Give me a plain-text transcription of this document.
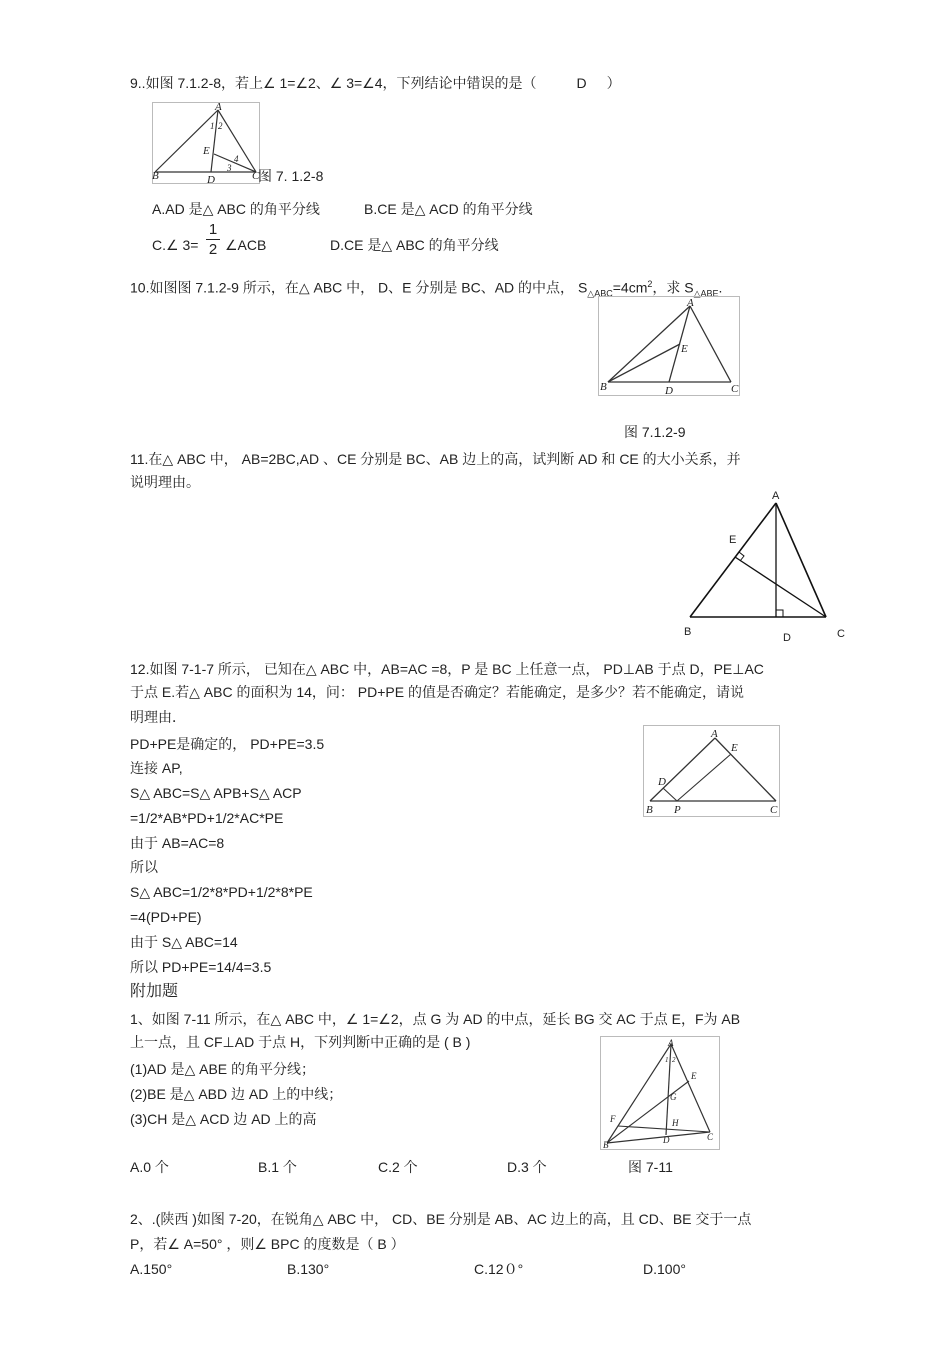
9..如图 7.1.2-8，若上∠ 1=∠2、∠ 3=∠4，下列结论中错误的是（	D ）
A
B	C
D
E
1 2
3
4
图 7. 1.2-8
A.AD 是△ ABC 的角平分线	B.CE 是△ ACD 的角平分线
C.∠ 3=
1
2 ∠ACB	D.CE 是△ ABC 的角平分线
10.如图图 7.1.2-9 所示，在△ ABC 中， D、E 分别是 BC、AD 的中点， $S_{\triangle ABC}=4cm^2$，求 $S_{\triangle ABE}$.
A
B	C
D
E
图 7.1.2-9
11.在△ ABC 中， AB=2BC,AD 、CE 分别是 BC、AB 边上的高，试判断 AD 和 CE 的大小关系，并
说明理由。
A
B	C
D
E
12.如图 7-1-7 所示， 已知在△ ABC 中，AB=AC =8，P 是 BC 上任意一点， PD⊥AB 于点 D，PE⊥AC
于点 E.若△ ABC 的面积为 14，问： PD+PE 的值是否确定？若能确定，是多少？若不能确定，请说
明理由．
PD+PE是确定的， PD+PE=3.5
连接 AP,
S△ ABC=S△ APB+S△ ACP
=1/2*AB*PD+1/2*AC*PE
由于 AB=AC=8
所以
S△ ABC=1/2*8*PD+1/2*8*PE
=4(PD+PE)
由于 S△ ABC=14
所以 PD+PE=14/4=3.5
A
B	C
D
E
P
附加题
1、如图 7-11 所示，在△ ABC 中，∠ 1=∠2，点 G 为 AD 的中点，延长 BG 交 AC 于点 E，F为 AB
上一点，且 CF⊥AD 于点 H，下列判断中正确的是 ( B )
(1)AD 是△ ABE 的角平分线；
(2)BE 是△ ABD 边 AD 上的中线；
(3)CH 是△ ACD 边 AD 上的高
A
B
C
D
E
F
G
H
1 2
A.0 个	B.1 个	C.2 个	D.3 个	图 7-11
2、.(陕西 )如图 7-20，在锐角△ ABC 中， CD、BE 分别是 AB、AC 边上的高，且 CD、BE 交于一点
P，若∠ A=50° ，则∠ BPC 的度数是（ B ）
A.150°	B.130°	C.12０°	D.100°
